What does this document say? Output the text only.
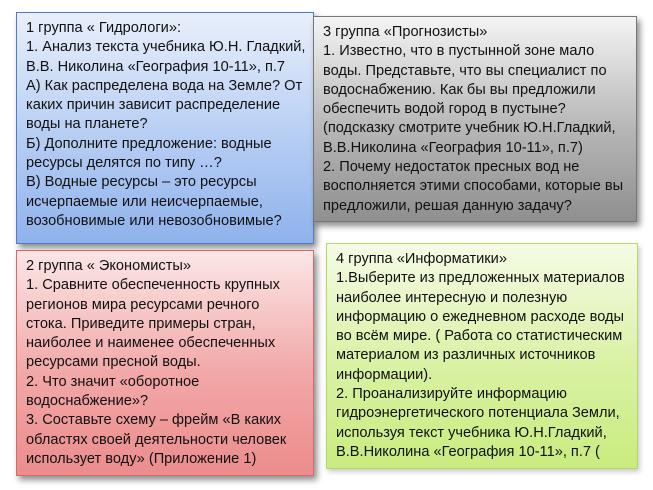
1 группа « Гидрологи»:

1. Анализ текста учебника Ю.Н. Гладкий,

В.В. Николина «География 10-11», п.7

А) Как распределена вода на Земле? От

каких причин зависит распределение

воды на планете?

Б) Дополните предложение: водные

ресурсы делятся по типу …?

В) Водные ресурсы – это ресурсы

исчерпаемые или неисчерпаемые,

возобновимые или невозобновимые?

3 группа «Прогнозисты»

1. Известно, что в пустынной зоне мало

воды. Представьте, что вы специалист по

водоснабжению. Как бы вы предложили

обеспечить водой город в пустыне?

(подсказку смотрите учебник Ю.Н.Гладкий,

В.В.Николина «География 10-11», п.7)

2. Почему недостаток пресных вод не

восполняется этими способами, которые вы

предложили, решая данную задачу?

2 группа « Экономисты»

1. Сравните обеспеченность крупных

регионов мира ресурсами речного

стока. Приведите примеры стран,

наиболее и наименее обеспеченных

ресурсами пресной воды.

2. Что значит «оборотное

водоснабжение»?

3. Составьте схему – фрейм «В каких

областях своей деятельности человек

использует воду» (Приложение 1)

4 группа «Информатики»

1.Выберите из предложенных материалов

наиболее интересную и полезную

информацию о ежедневном расходе воды

во всём мире. ( Работа со статистическим

материалом из различных источников

информации).

2. Проанализируйте информацию

гидроэнергетического потенциала Земли,

используя текст учебника Ю.Н.Гладкий,

В.В.Николина «География 10-11», п.7 (
